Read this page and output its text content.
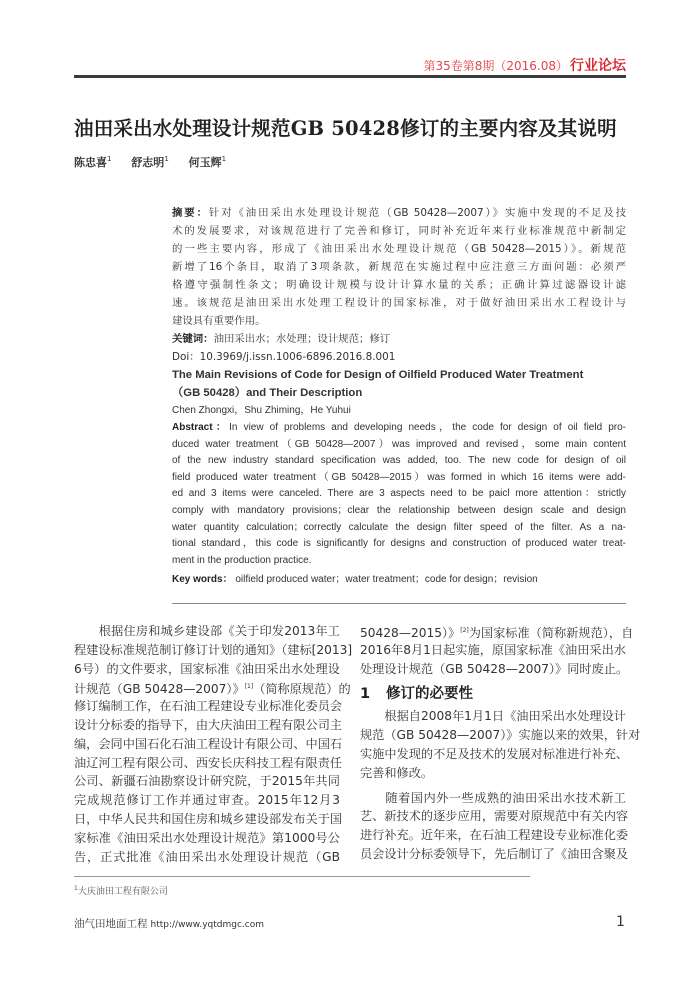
第35卷第8期（2016.08） 行业论坛
油田采出水处理设计规范GB 50428修订的主要内容及其说明
陈忠喜$^1$ 舒志明$^1$ 何玉辉$^1$
摘要：针对《油田采出水处理设计规范（GB 50428—2007）》实施中发现的不足及技
术的发展要求，对该规范进行了完善和修订，同时补充近年来行业标准规范中新制定
的一些主要内容，形成了《油田采出水处理设计规范（GB 50428—2015）》。新规范
新增了16个条目，取消了3项条款，新规范在实施过程中应注意三方面问题：必须严
格遵守强制性条文；明确设计规模与设计计算水量的关系；正确计算过滤器设计滤
速。该规范是油田采出水处理工程设计的国家标准，对于做好油田采出水工程设计与
建设具有重要作用。
关键词：油田采出水；水处理；设计规范；修订
Doi：10.3969/j.issn.1006-6896.2016.8.001
The Main Revisions of Code for Design of Oilfield Produced Water Treatment
（GB 50428）and Their Description
Chen Zhongxi，Shu Zhiming，He Yuhui
Abstract：In view of problems and developing needs，the code for design of oil field pro-
duced water treatment（GB 50428—2007）was improved and revised，some main content
of the new industry standard specification was added, too. The new code for design of oil
field produced water treatment（GB 50428—2015）was formed in which 16 items were add-
ed and 3 items were canceled. There are 3 aspects need to be paicl more attention：strictly
comply with mandatory provisions；clear the relationship between design scale and design
water quantity calculation；correctly calculate the design filter speed of the filter. As a na-
tional standard，this code is significantly for designs and construction of produced water treat-
ment in the production practice.
Key words： oilfield produced water；water treatment；code for design；revision
　　根据住房和城乡建设部《关于印发2013年工
程建设标准规范制订修订计划的通知》（建标[2013]
6号）的文件要求，国家标准《油田采出水处理设
计规范（GB 50428—2007）》[1]（简称原规范）的
修订编制工作，在石油工程建设专业标准化委员会
设计分标委的指导下，由大庆油田工程有限公司主
编，会同中国石化石油工程设计有限公司、中国石
油辽河工程有限公司、西安长庆科技工程有限责任
公司、新疆石油勘察设计研究院，于2015年共同
完成规范修订工作并通过审查。2015年12月3
日，中华人民共和国住房和城乡建设部发布关于国
家标准《油田采出水处理设计规范》第1000号公
告，正式批准《油田采出水处理设计规范（GB
50428—2015）》[2]为国家标准（简称新规范），自
2016年8月1日起实施，原国家标准《油田采出水
处理设计规范（GB 50428—2007）》同时废止。
1 修订的必要性
　　根据自2008年1月1日《油田采出水处理设计
规范（GB 50428—2007）》实施以来的效果，针对
实施中发现的不足及技术的发展对标准进行补充、
完善和修改。
　　随着国内外一些成熟的油田采出水技术新工
艺、新技术的逐步应用，需要对原规范中有关内容
进行补充。近年来，在石油工程建设专业标准化委
员会设计分标委领导下，先后制订了《油田含聚及
$^1$大庆油田工程有限公司
油气田地面工程 http://www.yqtdmgc.com	1
